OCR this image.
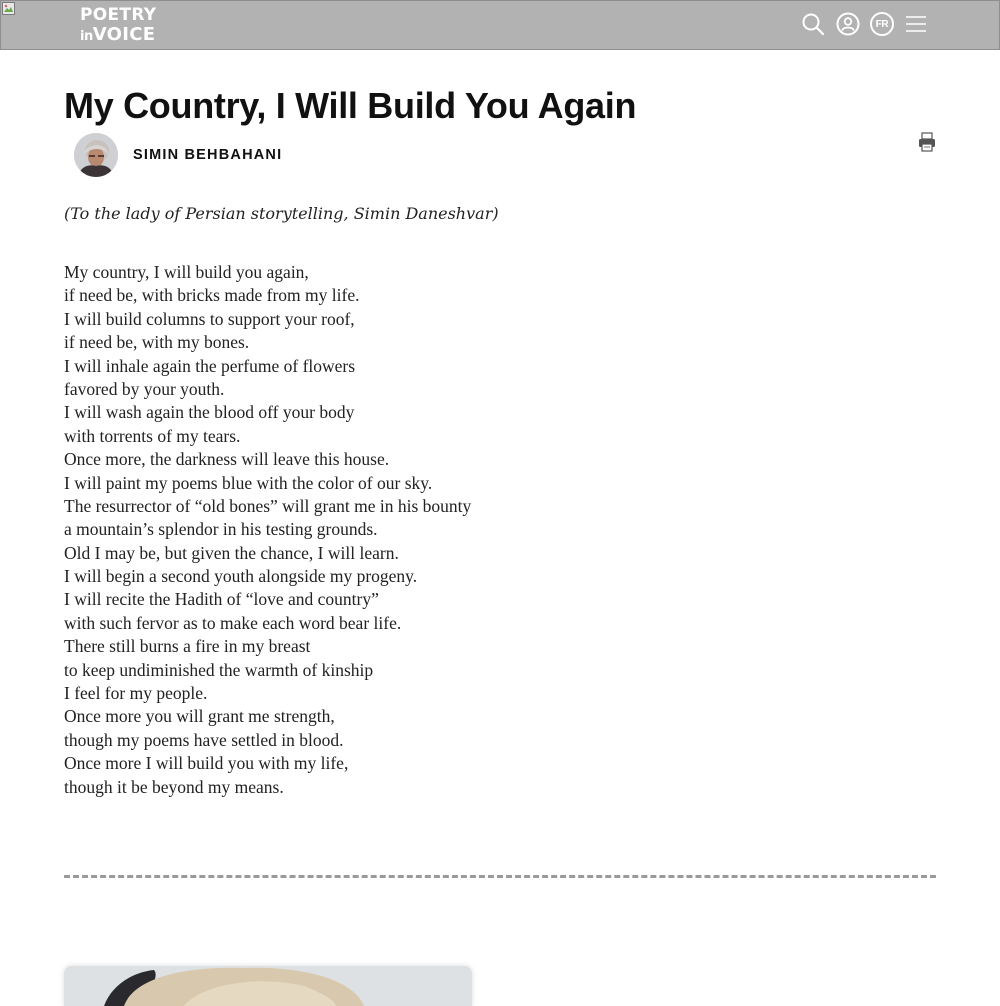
POETRY
inVOICE	FR
My Country, I Will Build You Again
SIMIN BEHBAHANI

(To the lady of Persian storytelling, Simin Daneshvar)

My country, I will build you again,
if need be, with bricks made from my life.
I will build columns to support your roof,
if need be, with my bones.
I will inhale again the perfume of flowers
favored by your youth.
I will wash again the blood off your body
with torrents of my tears.
Once more, the darkness will leave this house.
I will paint my poems blue with the color of our sky.
The resurrector of “old bones” will grant me in his bounty
a mountain’s splendor in his testing grounds.
Old I may be, but given the chance, I will learn.
I will begin a second youth alongside my progeny.
I will recite the Hadith of “love and country”
with such fervor as to make each word bear life.
There still burns a fire in my breast
to keep undiminished the warmth of kinship
I feel for my people.
Once more you will grant me strength,
though my poems have settled in blood.
Once more I will build you with my life,
though it be beyond my means.
